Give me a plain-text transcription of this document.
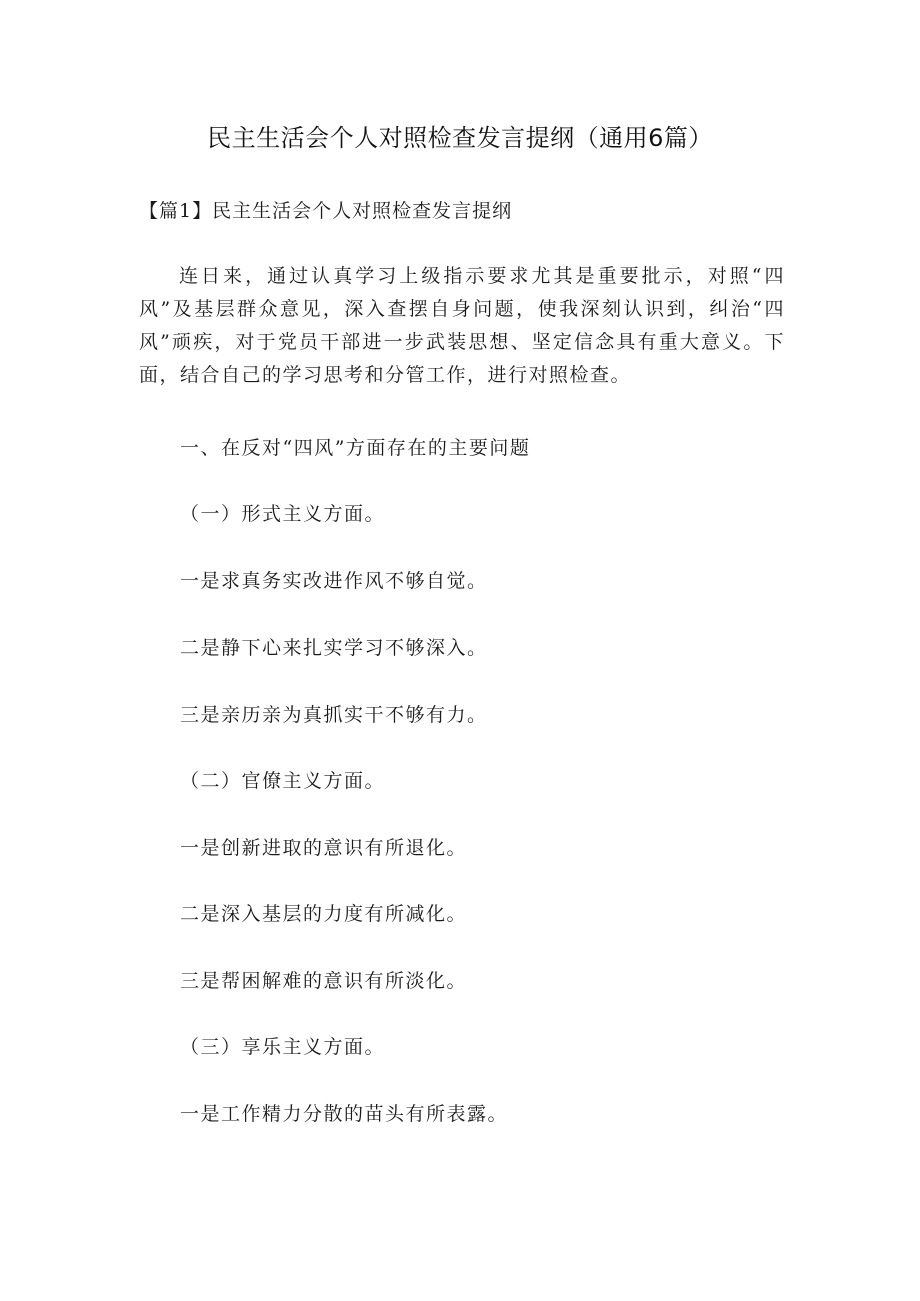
民主生活会个人对照检查发言提纲（通用6篇）
【篇1】民主生活会个人对照检查发言提纲
连日来，通过认真学习上级指示要求尤其是重要批示，对照“四风”及基层群众意见，深入查摆自身问题，使我深刻认识到，纠治“四风”顽疾，对于党员干部进一步武装思想、坚定信念具有重大意义。下面，结合自己的学习思考和分管工作，进行对照检查。
一、在反对“四风”方面存在的主要问题
（一）形式主义方面。
一是求真务实改进作风不够自觉。
二是静下心来扎实学习不够深入。
三是亲历亲为真抓实干不够有力。
（二）官僚主义方面。
一是创新进取的意识有所退化。
二是深入基层的力度有所减化。
三是帮困解难的意识有所淡化。
（三）享乐主义方面。
一是工作精力分散的苗头有所表露。
